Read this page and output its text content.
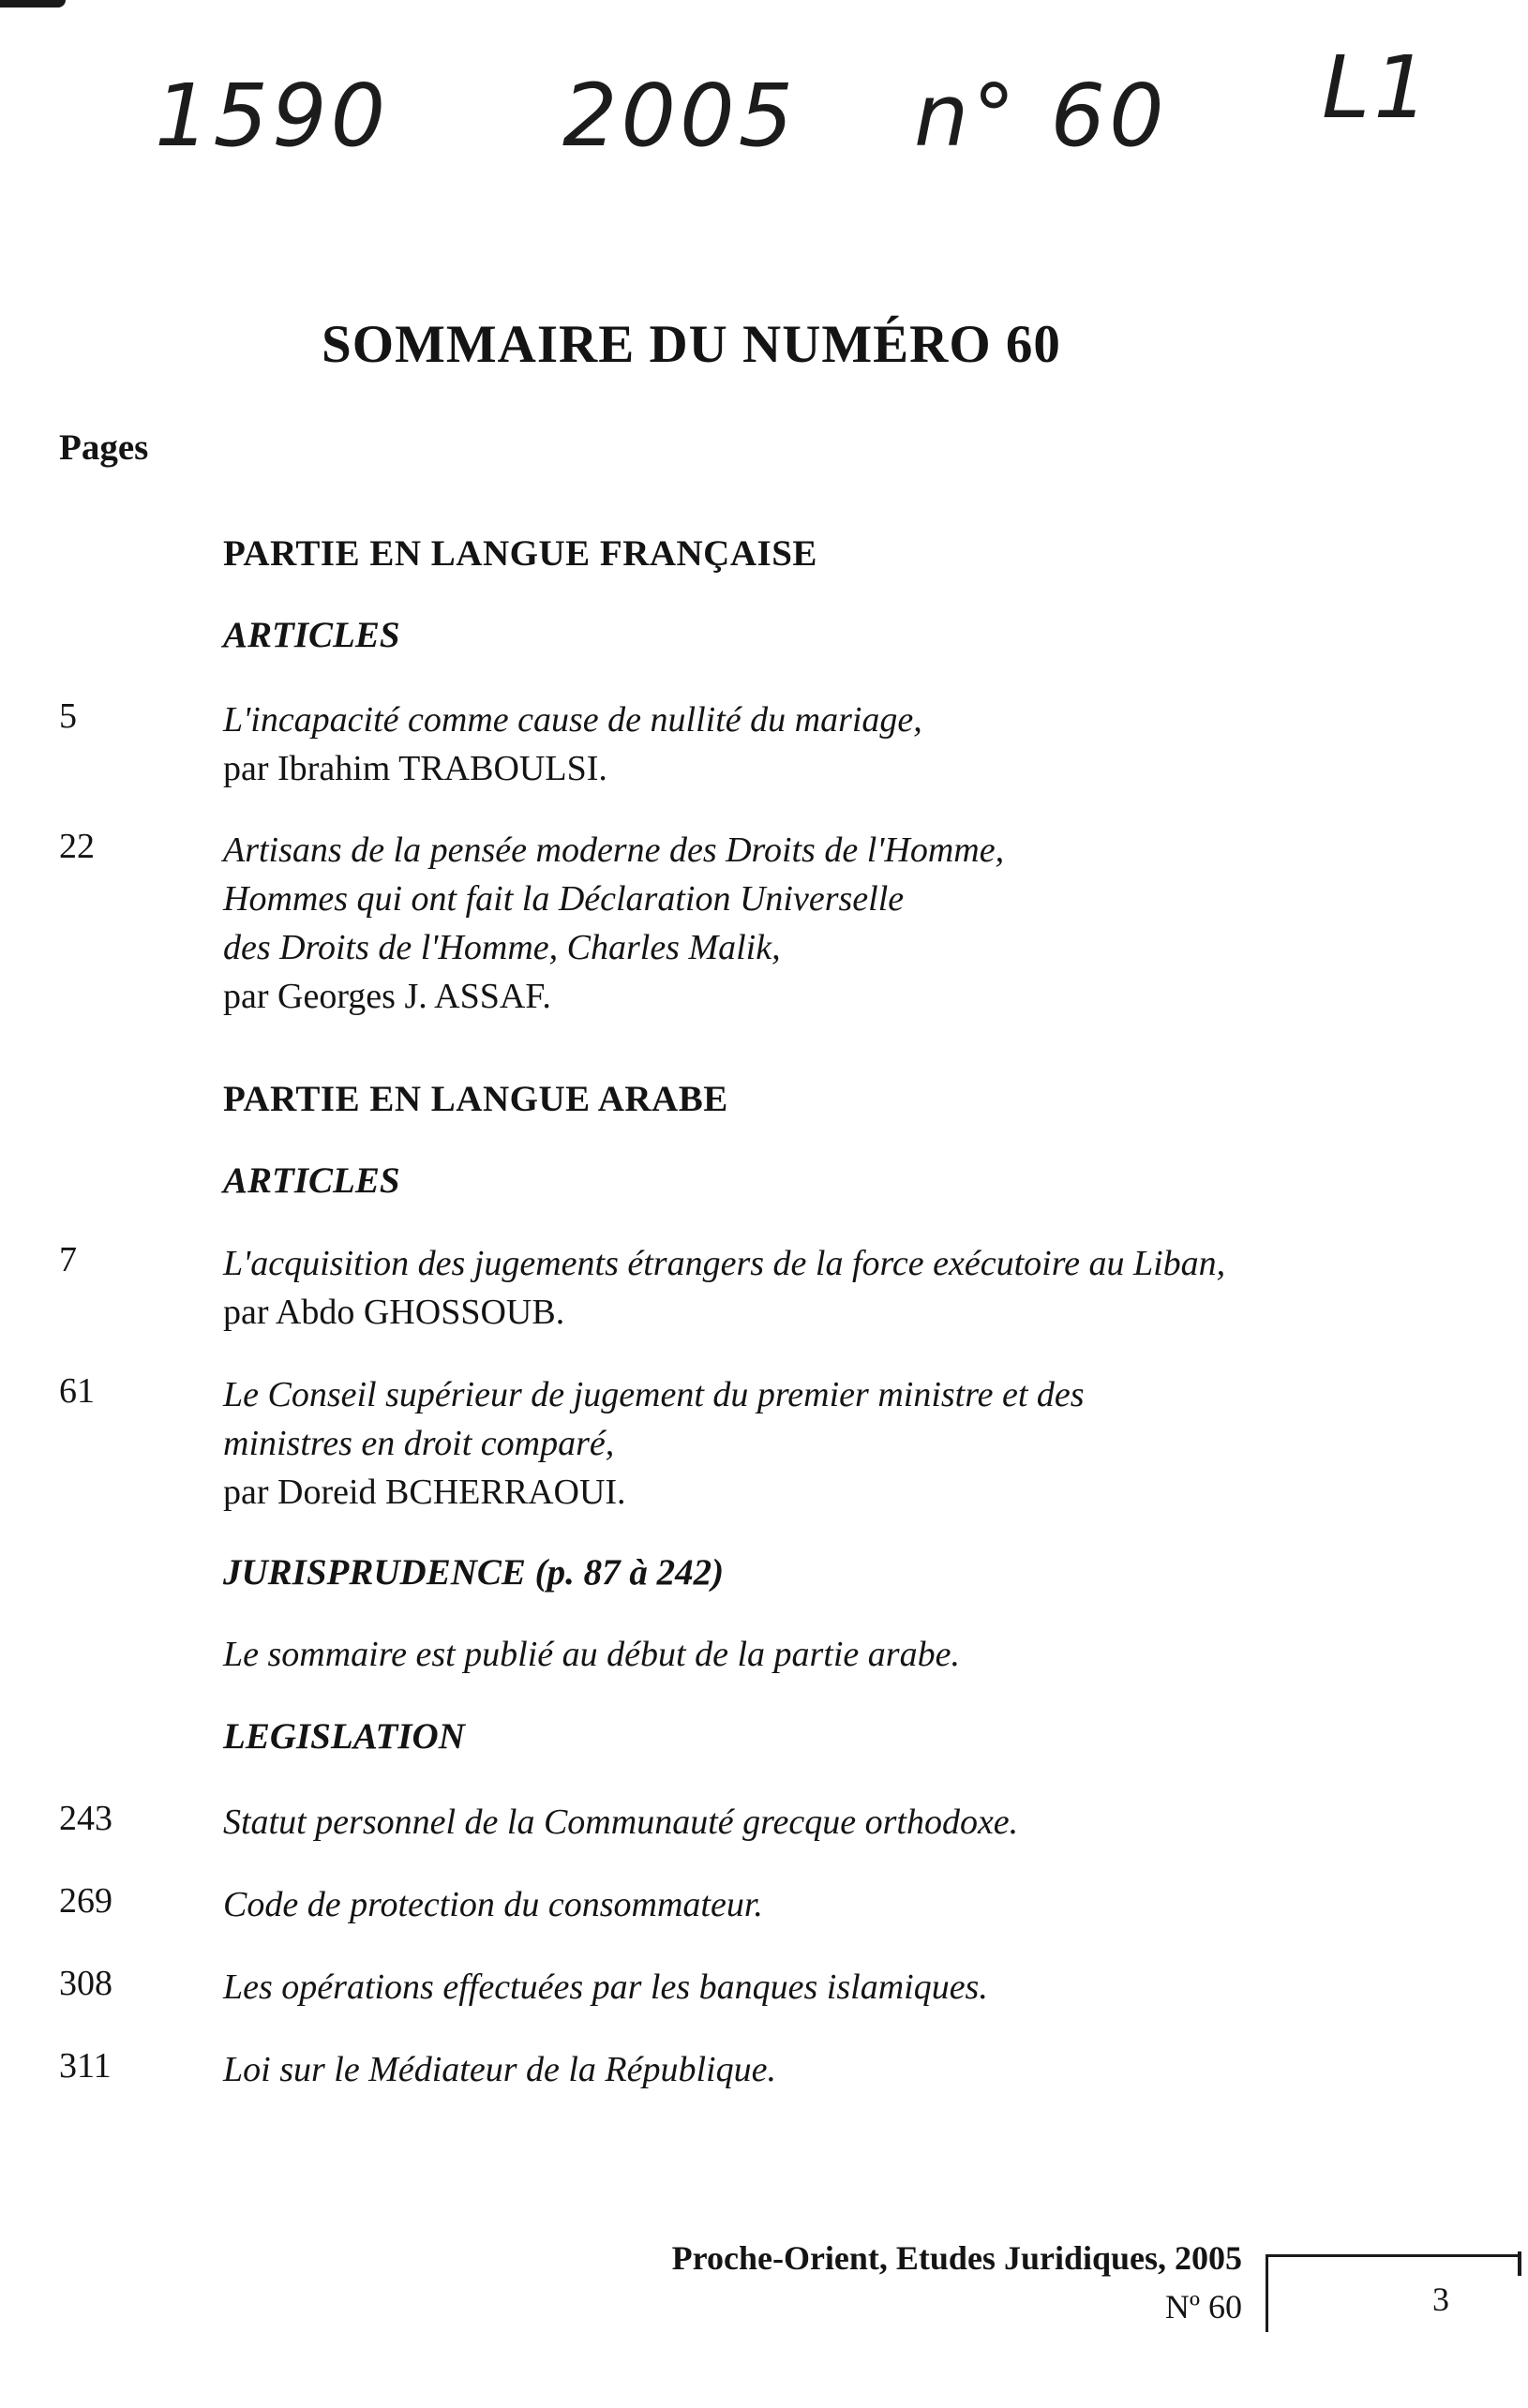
1590 2005 n° 60 L1
SOMMAIRE DU NUMÉRO 60
Pages
PARTIE EN LANGUE FRANÇAISE
ARTICLES
5	L'incapacité comme cause de nullité du mariage,
par Ibrahim TRABOULSI.
22	Artisans de la pensée moderne des Droits de l'Homme,
Hommes qui ont fait la Déclaration Universelle
des Droits de l'Homme, Charles Malik,
par Georges J. ASSAF.
PARTIE EN LANGUE ARABE
ARTICLES
7	L'acquisition des jugements étrangers de la force exécutoire au Liban,
par Abdo GHOSSOUB.
61	Le Conseil supérieur de jugement du premier ministre et des
ministres en droit comparé,
par Doreid BCHERRAOUI.
JURISPRUDENCE (p. 87 à 242)
Le sommaire est publié au début de la partie arabe.
LEGISLATION
243	Statut personnel de la Communauté grecque orthodoxe.
269	Code de protection du consommateur.
308	Les opérations effectuées par les banques islamiques.
311	Loi sur le Médiateur de la République.
Proche-Orient, Etudes Juridiques, 2005
Nº 60	3
